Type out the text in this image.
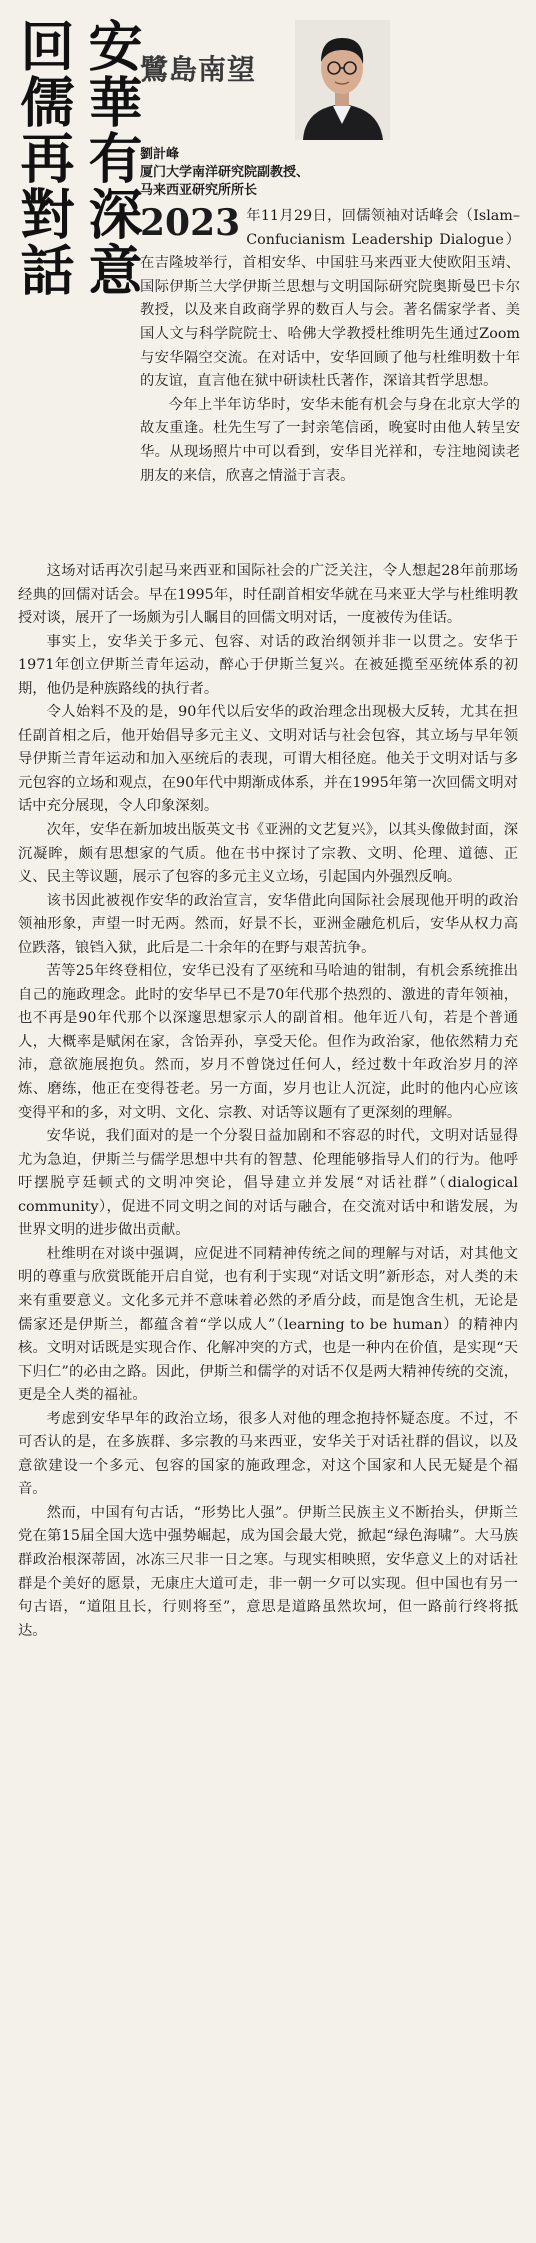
回儒再對話 安華有深意
鷺島南望
劉計峰
厦门大学南洋研究院副教授、
马来西亚研究所所长

2023 年11月29日，回儒领袖对话峰会（Islam–Confucianism Leadership Dialogue）在吉隆坡举行，首相安华、中国驻马来西亚大使欧阳玉靖、国际伊斯兰大学伊斯兰思想与文明国际研究院奥斯曼巴卡尔教授，以及来自政商学界的数百人与会。著名儒家学者、美国人文与科学院院士、哈佛大学教授杜维明先生通过Zoom与安华隔空交流。在对话中，安华回顾了他与杜维明数十年的友谊，直言他在狱中研读杜氏著作，深谙其哲学思想。

今年上半年访华时，安华未能有机会与身在北京大学的故友重逢。杜先生写了一封亲笔信函，晚宴时由他人转呈安华。从现场照片中可以看到，安华目光祥和，专注地阅读老朋友的来信，欣喜之情溢于言表。

这场对话再次引起马来西亚和国际社会的广泛关注，令人想起28年前那场经典的回儒对话会。早在1995年，时任副首相安华就在马来亚大学与杜维明教授对谈，展开了一场颇为引人瞩目的回儒文明对话，一度被传为佳话。

事实上，安华关于多元、包容、对话的政治纲领并非一以贯之。安华于1971年创立伊斯兰青年运动，醉心于伊斯兰复兴。在被延揽至巫统体系的初期，他仍是种族路线的执行者。

令人始料不及的是，90年代以后安华的政治理念出现极大反转，尤其在担任副首相之后，他开始倡导多元主义、文明对话与社会包容，其立场与早年领导伊斯兰青年运动和加入巫统后的表现，可谓大相径庭。他关于文明对话与多元包容的立场和观点，在90年代中期渐成体系，并在1995年第一次回儒文明对话中充分展现，令人印象深刻。

次年，安华在新加坡出版英文书《亚洲的文艺复兴》，以其头像做封面，深沉凝眸，颇有思想家的气质。他在书中探讨了宗教、文明、伦理、道德、正义、民主等议题，展示了包容的多元主义立场，引起国内外强烈反响。

该书因此被视作安华的政治宣言，安华借此向国际社会展现他开明的政治领袖形象，声望一时无两。然而，好景不长，亚洲金融危机后，安华从权力高位跌落，锒铛入狱，此后是二十余年的在野与艰苦抗争。

苦等25年终登相位，安华已没有了巫统和马哈迪的钳制，有机会系统推出自己的施政理念。此时的安华早已不是70年代那个热烈的、激进的青年领袖，也不再是90年代那个以深邃思想家示人的副首相。他年近八旬，若是个普通人，大概率是赋闲在家，含饴弄孙，享受天伦。但作为政治家，他依然精力充沛，意欲施展抱负。然而，岁月不曾饶过任何人，经过数十年政治岁月的淬炼、磨练，他正在变得苍老。另一方面，岁月也让人沉淀，此时的他内心应该变得平和的多，对文明、文化、宗教、对话等议题有了更深刻的理解。

安华说，我们面对的是一个分裂日益加剧和不容忍的时代，文明对话显得尤为急迫，伊斯兰与儒学思想中共有的智慧、伦理能够指导人们的行为。他呼吁摆脱亨廷顿式的文明冲突论，倡导建立并发展“对话社群”（dialogical community），促进不同文明之间的对话与融合，在交流对话中和谐发展，为世界文明的进步做出贡献。

杜维明在对谈中强调，应促进不同精神传统之间的理解与对话，对其他文明的尊重与欣赏既能开启自觉，也有利于实现“对话文明”新形态，对人类的未来有重要意义。文化多元并不意味着必然的矛盾分歧，而是饱含生机，无论是儒家还是伊斯兰，都蕴含着“学以成人”（learning to be human）的精神内核。文明对话既是实现合作、化解冲突的方式，也是一种内在价值，是实现“天下归仁”的必由之路。因此，伊斯兰和儒学的对话不仅是两大精神传统的交流，更是全人类的福祉。

考虑到安华早年的政治立场，很多人对他的理念抱持怀疑态度。不过，不可否认的是，在多族群、多宗教的马来西亚，安华关于对话社群的倡议，以及意欲建设一个多元、包容的国家的施政理念，对这个国家和人民无疑是个福音。

然而，中国有句古话，“形势比人强”。伊斯兰民族主义不断抬头，伊斯兰党在第15届全国大选中强势崛起，成为国会最大党，掀起“绿色海啸”。大马族群政治根深蒂固，冰冻三尺非一日之寒。与现实相映照，安华意义上的对话社群是个美好的愿景，无康庄大道可走，非一朝一夕可以实现。但中国也有另一句古语，“道阻且长，行则将至”，意思是道路虽然坎坷，但一路前行终将抵达。
